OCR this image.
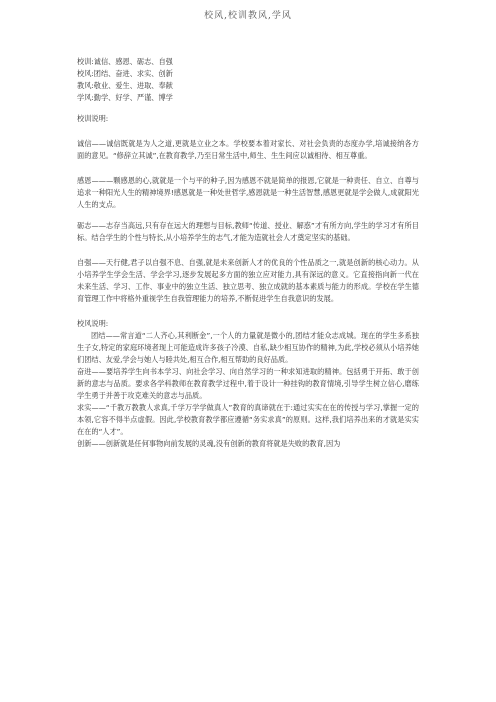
校风,校训教风,学风
校训:诚信、感恩、砺志、自强
校风:团结、奋进、求实、创新
教风:敬业、爱生、进取、奉献
学风:勤学、好学、严谨、博学
校训说明:

诚信——诚信既就是为人之道,更就是立业之本。学校要本着对家长、对社会负责的态度办学,培诚接纳各方面的意见。“修辞立其诚”,在教育教学,乃至日常生活中,师生、生生间应以诚相待、相互尊重。

感恩———颗感恩的心,就就是一个与平的种子,因为感恩不就是简单的报恩,它就是一种责任、自立、自尊与追求一种阳光人生的精神境界!感恩就是一种处世哲学,感恩就是一种生活智慧,感恩更就是学会做人,成就阳光人生的支点。

砺志——志存当高远,只有存在远大的理想与目标,教师“传道、授业、解惑”才有所方向,学生的学习才有所目标。结合学生的个性与特长,从小培养学生的志气,才能为造就社会人才奠定坚实的基础。

自强——天行健,君子以自强不息、自强,就是未来创新人才的优良的个性品质之一,就是创新的核心动力。从小培养学生学会生活、学会学习,逐步发展起多方面的独立应对能力,具有深远的意义。它直接指向新一代在未来生活、学习、工作、事业中的独立生活、独立思考、独立成就的基本素质与能力的形成。学校在学生德育管理工作中将格外重视学生自我管理能力的培养,不断促进学生自我意识的发展。

校风说明:

团结——常言道“二人齐心,其利断金”,一个人的力量就是微小的,团结才能众志成城。现在的学生多系独生子女,特定的家庭环境者现上可能造成许多孩子冷漠、自私,缺少相互协作的精神,为此,学校必须从小培养她们团结、友爱,学会与她人与睦共处,相互合作,相互帮助的良好品质。

奋进——要培养学生向书本学习、向社会学习、向自然学习的一种求知进取的精神。包括勇于开拓、敢于创新的意志与品质。要求各学科教师在教育教学过程中,着于设计一种挂钩的教育情境,引导学生树立信心,磨练学生勇于并善于攻克难关的意志与品质。

求实——“千教万教教人求真,千学万学学做真人”教育的真谛就在于:通过实实在在的传授与学习,掌握一定的本领,它容不得半点虚假。因此,学校教育教学都应遵循“务实求真”的原则。这样,我们培养出来的才就是实实在在的“人才”。

创新——创新就是任何事物向前发展的灵魂,没有创新的教育将就是失败的教育,因为
